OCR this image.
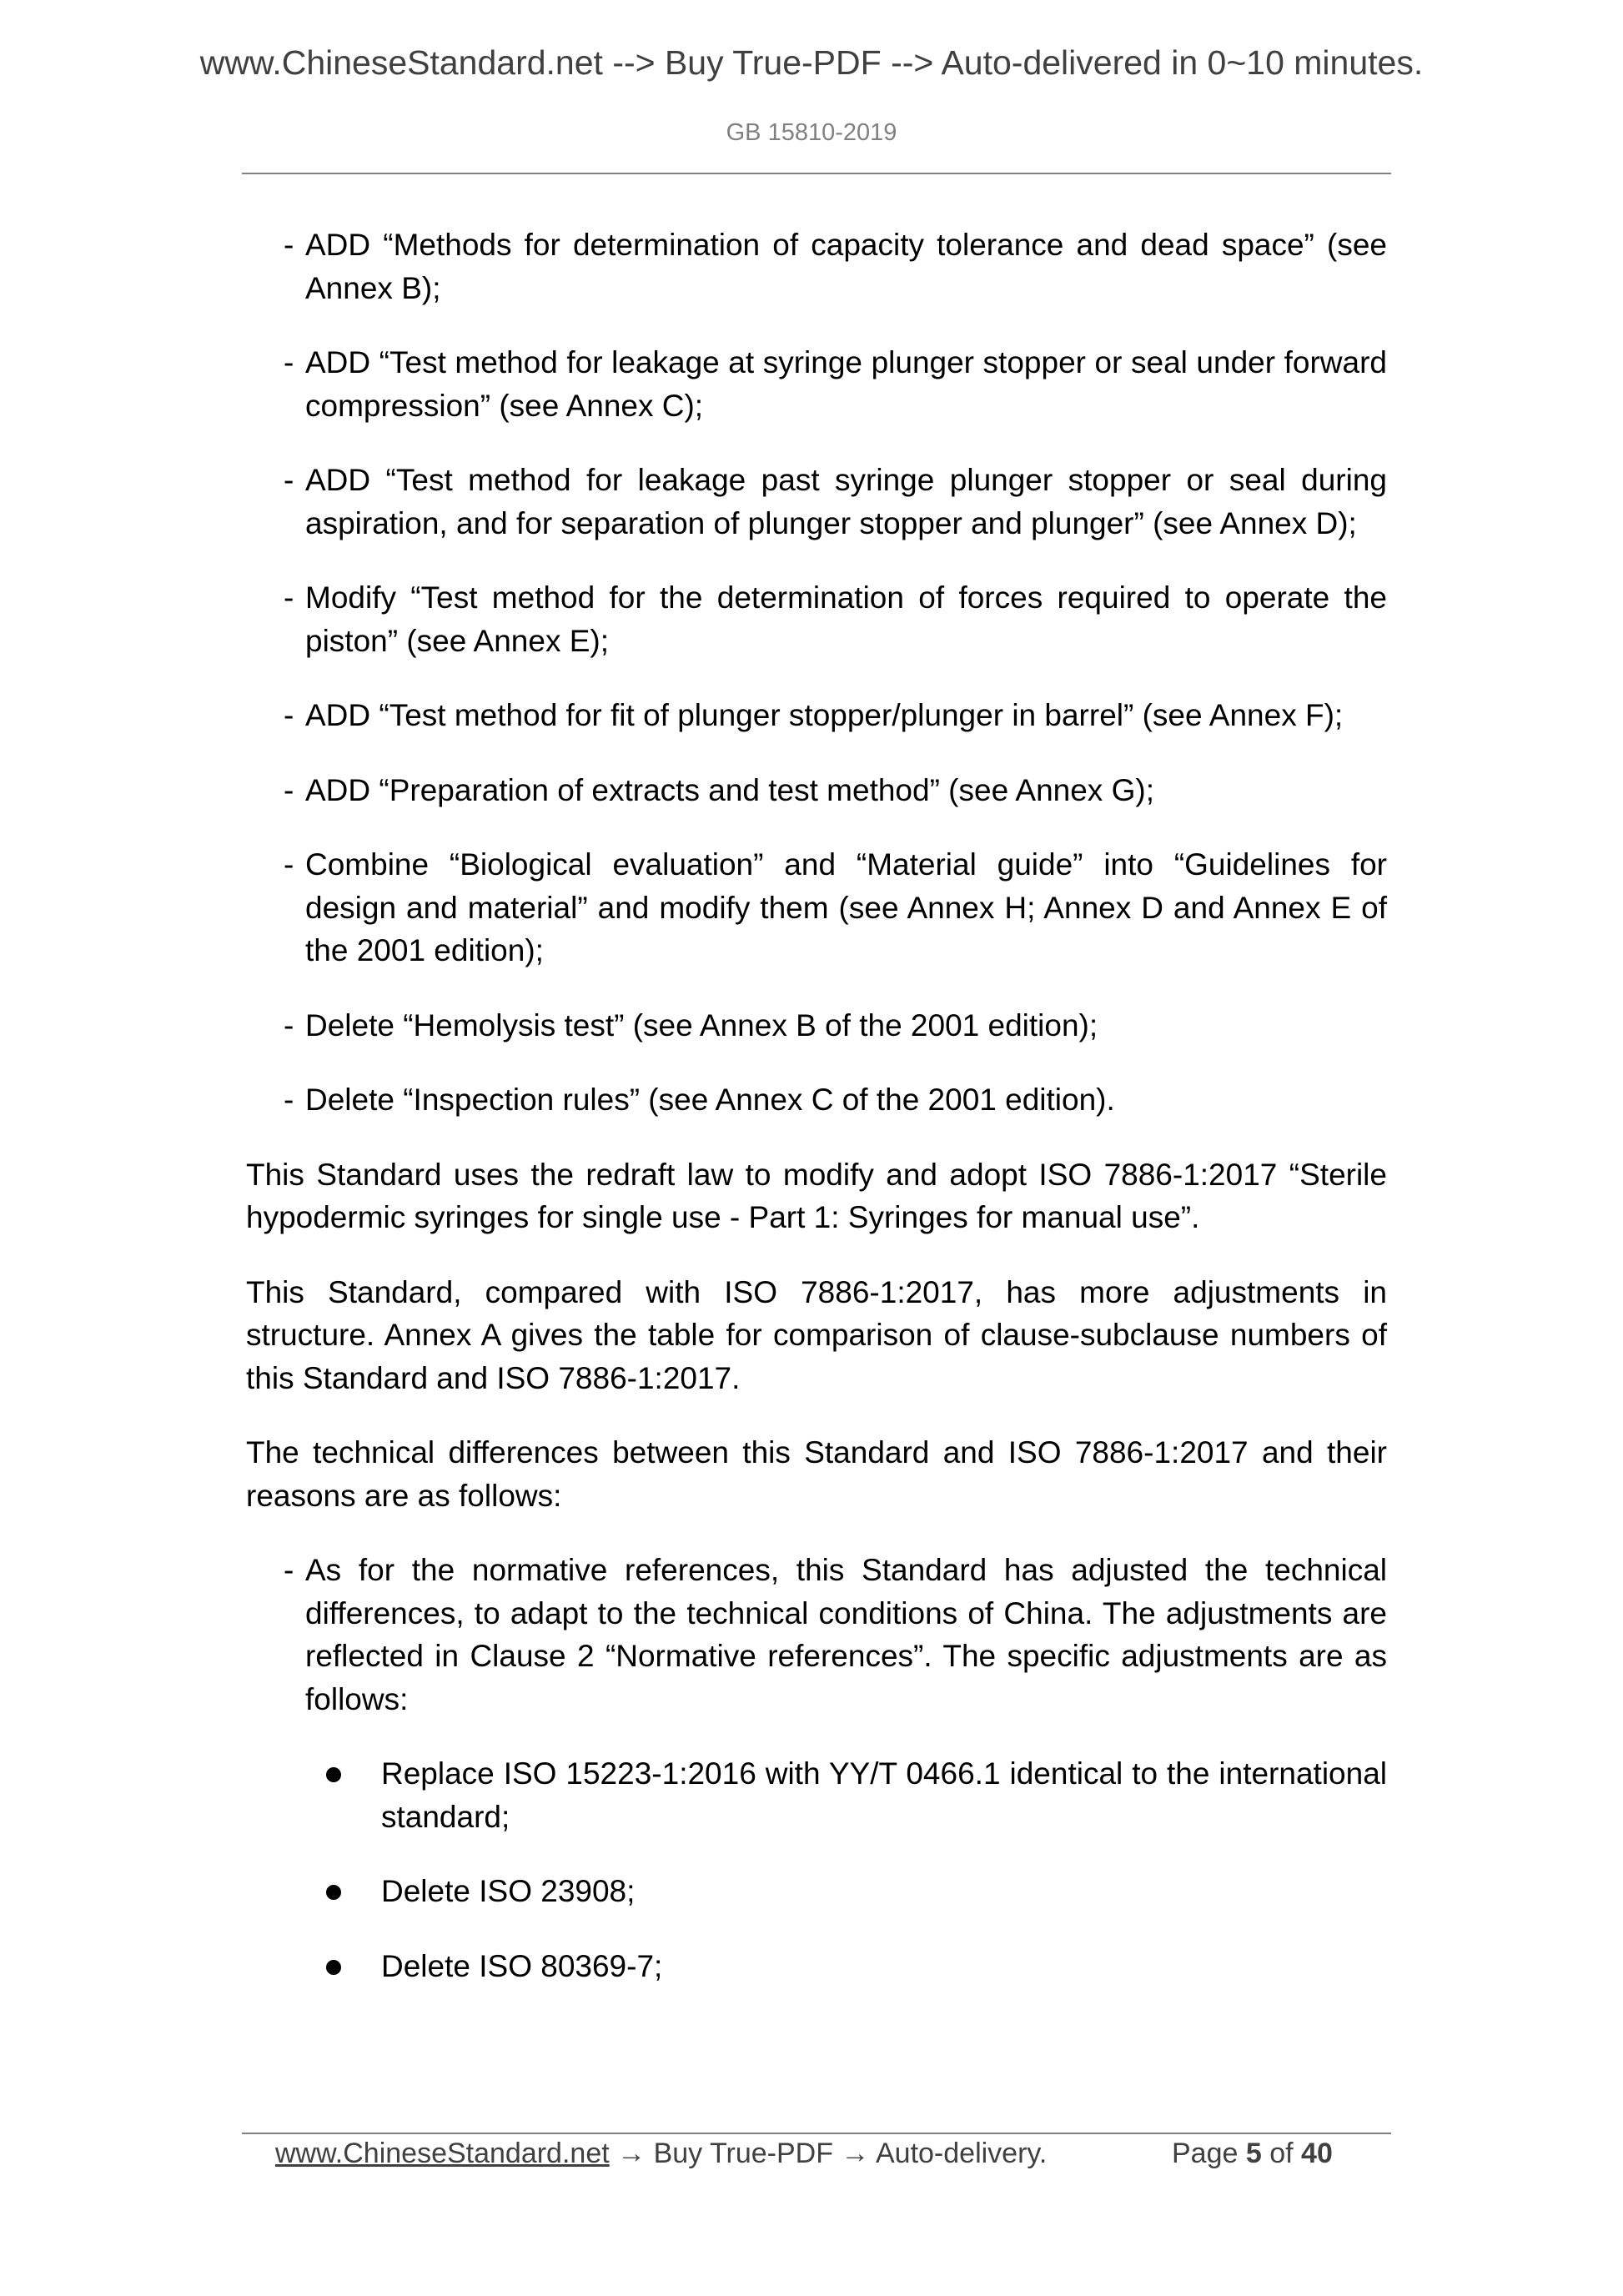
www.ChineseStandard.net --> Buy True-PDF --> Auto-delivered in 0~10 minutes.
GB 15810-2019
- ADD “Methods for determination of capacity tolerance and dead space” (see Annex B);
- ADD “Test method for leakage at syringe plunger stopper or seal under forward compression” (see Annex C);
- ADD “Test method for leakage past syringe plunger stopper or seal during aspiration, and for separation of plunger stopper and plunger” (see Annex D);
- Modify “Test method for the determination of forces required to operate the piston” (see Annex E);
- ADD “Test method for fit of plunger stopper/plunger in barrel” (see Annex F);
- ADD “Preparation of extracts and test method” (see Annex G);
- Combine “Biological evaluation” and “Material guide” into “Guidelines for design and material” and modify them (see Annex H; Annex D and Annex E of the 2001 edition);
- Delete “Hemolysis test” (see Annex B of the 2001 edition);
- Delete “Inspection rules” (see Annex C of the 2001 edition).
This Standard uses the redraft law to modify and adopt ISO 7886-1:2017 “Sterile hypodermic syringes for single use - Part 1: Syringes for manual use”.
This Standard, compared with ISO 7886-1:2017, has more adjustments in structure. Annex A gives the table for comparison of clause-subclause numbers of this Standard and ISO 7886-1:2017.
The technical differences between this Standard and ISO 7886-1:2017 and their reasons are as follows:
- As for the normative references, this Standard has adjusted the technical differences, to adapt to the technical conditions of China. The adjustments are reflected in Clause 2 “Normative references”. The specific adjustments are as follows:
Replace ISO 15223-1:2016 with YY/T 0466.1 identical to the international standard;
Delete ISO 23908;
Delete ISO 80369-7;
www.ChineseStandard.net → Buy True-PDF → Auto-delivery.	Page 5 of 40
